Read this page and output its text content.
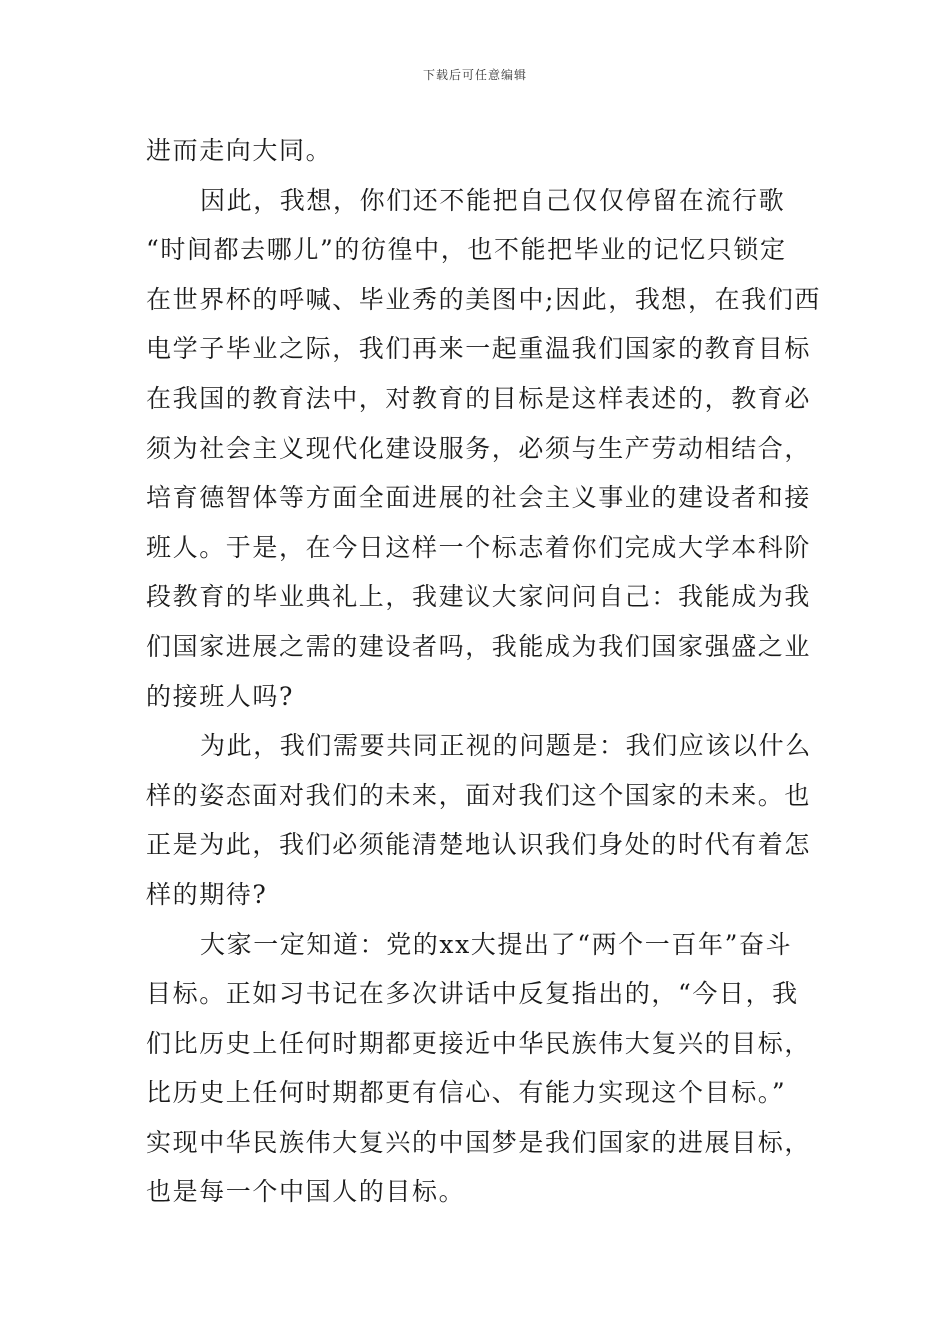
下载后可任意编辑
进而走向大同。
因此，我想，你们还不能把自己仅仅停留在流行歌
“时间都去哪儿”的彷徨中，也不能把毕业的记忆只锁定
在世界杯的呼喊、毕业秀的美图中;因此，我想，在我们西
电学子毕业之际，我们再来一起重温我们国家的教育目标
在我国的教育法中，对教育的目标是这样表述的，教育必
须为社会主义现代化建设服务，必须与生产劳动相结合，
培育德智体等方面全面进展的社会主义事业的建设者和接
班人。于是，在今日这样一个标志着你们完成大学本科阶
段教育的毕业典礼上，我建议大家问问自己：我能成为我
们国家进展之需的建设者吗，我能成为我们国家强盛之业
的接班人吗?
为此，我们需要共同正视的问题是：我们应该以什么
样的姿态面对我们的未来，面对我们这个国家的未来。也
正是为此，我们必须能清楚地认识我们身处的时代有着怎
样的期待?
大家一定知道：党的xx大提出了“两个一百年”奋斗
目标。正如习书记在多次讲话中反复指出的，“今日，我
们比历史上任何时期都更接近中华民族伟大复兴的目标，
比历史上任何时期都更有信心、有能力实现这个目标。”
实现中华民族伟大复兴的中国梦是我们国家的进展目标，
也是每一个中国人的目标。
